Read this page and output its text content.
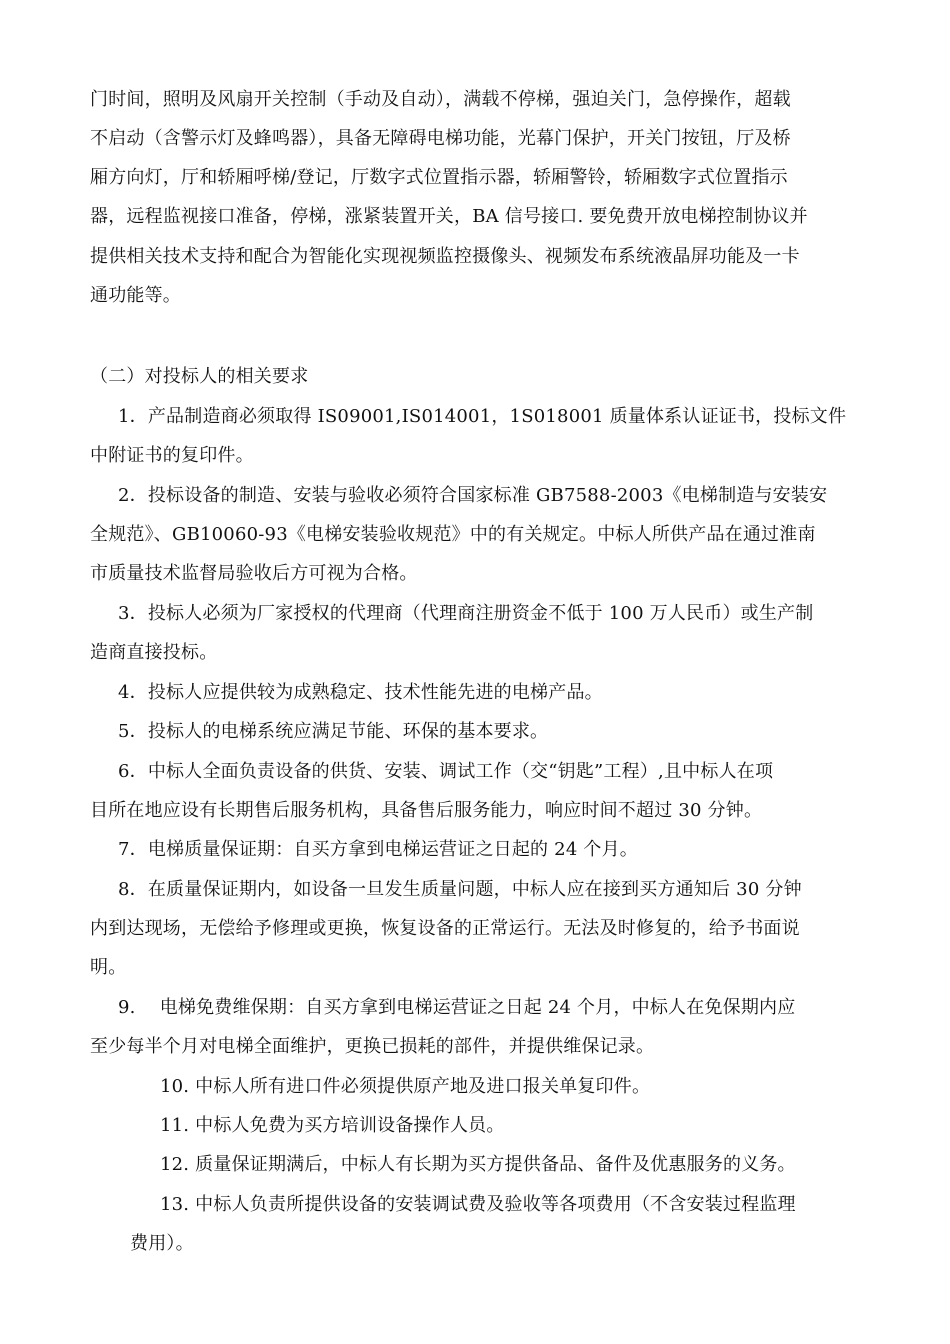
门时间，照明及风扇开关控制（手动及自动），满载不停梯，强迫关门，急停操作，超载
不启动（含警示灯及蜂鸣器），具备无障碍电梯功能，光幕门保护，开关门按钮，厅及桥
厢方向灯，厅和轿厢呼梯/登记，厅数字式位置指示器，轿厢警铃，轿厢数字式位置指示
器，远程监视接口准备，停梯，涨紧装置开关，BA 信号接口. 要免费开放电梯控制协议并
提供相关技术支持和配合为智能化实现视频监控摄像头、视频发布系统液晶屏功能及一卡
通功能等。
（二）对投标人的相关要求
1．产品制造商必须取得 IS09001,IS014001，1S018001 质量体系认证证书，投标文件
中附证书的复印件。
2．投标设备的制造、安装与验收必须符合国家标准 GB7588-2003《电梯制造与安装安
全规范》、GB10060-93《电梯安装验收规范》中的有关规定。中标人所供产品在通过淮南
市质量技术监督局验收后方可视为合格。
3．投标人必须为厂家授权的代理商（代理商注册资金不低于 100 万人民币）或生产制
造商直接投标。
4．投标人应提供较为成熟稳定、技术性能先进的电梯产品。
5．投标人的电梯系统应满足节能、环保的基本要求。
6．中标人全面负责设备的供货、安装、调试工作（交“钥匙”工程）,且中标人在项
目所在地应设有长期售后服务机构，具备售后服务能力，响应时间不超过 30 分钟。
7．电梯质量保证期：自买方拿到电梯运营证之日起的 24 个月。
8．在质量保证期内，如设备一旦发生质量问题，中标人应在接到买方通知后 30 分钟
内到达现场，无偿给予修理或更换，恢复设备的正常运行。无法及时修复的，给予书面说
明。
9.　 电梯免费维保期：自买方拿到电梯运营证之日起 24 个月，中标人在免保期内应
至少每半个月对电梯全面维护，更换已损耗的部件，并提供维保记录。
10. 中标人所有进口件必须提供原产地及进口报关单复印件。
11. 中标人免费为买方培训设备操作人员。
12. 质量保证期满后，中标人有长期为买方提供备品、备件及优惠服务的义务。
13. 中标人负责所提供设备的安装调试费及验收等各项费用（不含安装过程监理
费用）。
